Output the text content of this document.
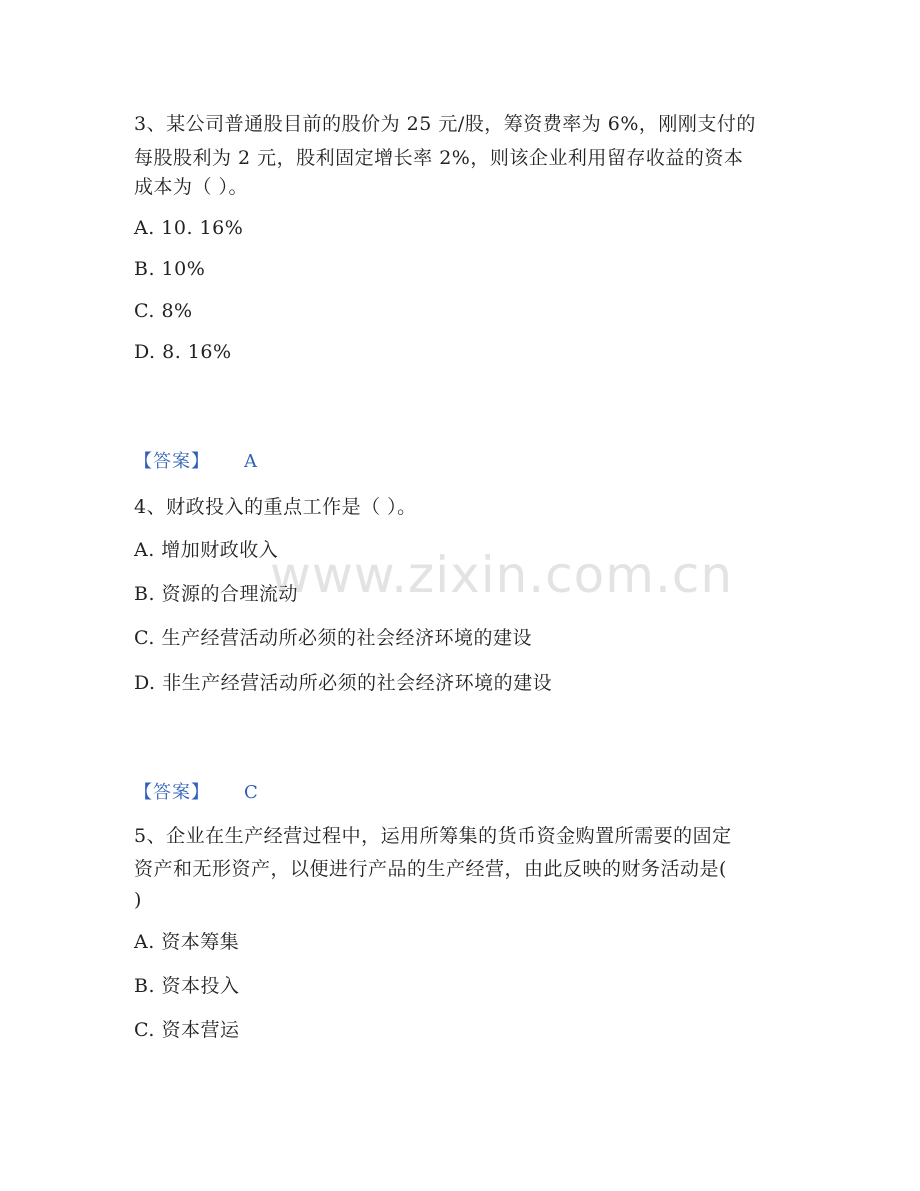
www.zixin.com.cn
3、某公司普通股目前的股价为 25 元/股，筹资费率为 6%，刚刚支付的
每股股利为 2 元，股利固定增长率 2%，则该企业利用留存收益的资本
成本为（ ）。
A. 10. 16%
B. 10%
C. 8%
D. 8. 16%
【答案】 A
4、财政投入的重点工作是（ ）。
A. 增加财政收入
B. 资源的合理流动
C. 生产经营活动所必须的社会经济环境的建设
D. 非生产经营活动所必须的社会经济环境的建设
【答案】 C
5、企业在生产经营过程中，运用所筹集的货币资金购置所需要的固定
资产和无形资产，以便进行产品的生产经营，由此反映的财务活动是(
)
A. 资本筹集
B. 资本投入
C. 资本营运
